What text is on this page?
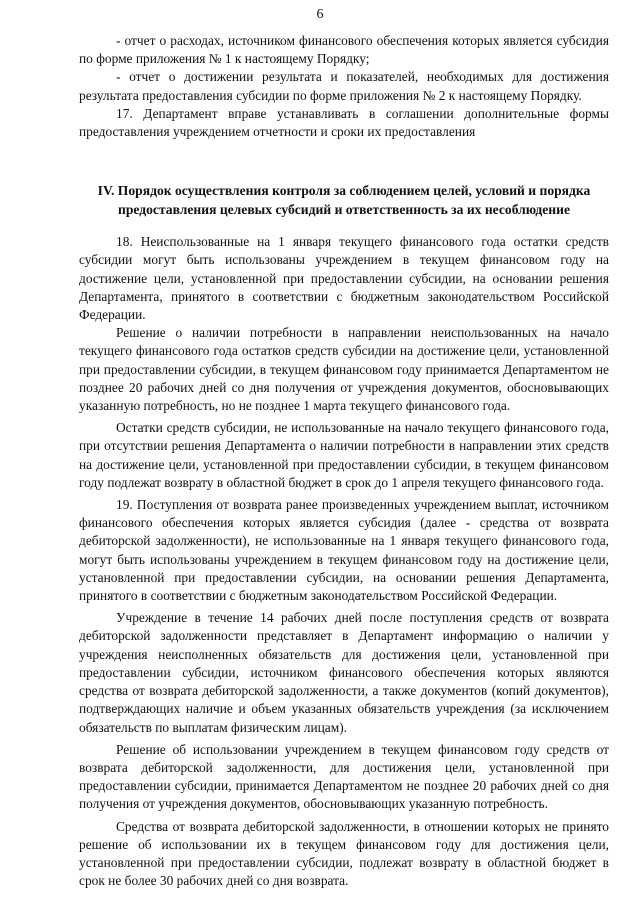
6

- отчет о расходах, источником финансового обеспечения которых является субсидия по форме приложения № 1 к настоящему Порядку;

- отчет о достижении результата и показателей, необходимых для достижения результата предоставления субсидии по форме приложения № 2 к настоящему Порядку.

17. Департамент вправе устанавливать в соглашении дополнительные формы предоставления учреждением отчетности и сроки их предоставления

IV. Порядок осуществления контроля за соблюдением целей, условий и порядка предоставления целевых субсидий и ответственность за их несоблюдение

18. Неиспользованные на 1 января текущего финансового года остатки средств субсидии могут быть использованы учреждением в текущем финансовом году на достижение цели, установленной при предоставлении субсидии, на основании решения Департамента, принятого в соответствии с бюджетным законодательством Российской Федерации.

Решение о наличии потребности в направлении неиспользованных на начало текущего финансового года остатков средств субсидии на достижение цели, установленной при предоставлении субсидии, в текущем финансовом году принимается Департаментом не позднее 20 рабочих дней со дня получения от учреждения документов, обосновывающих указанную потребность, но не позднее 1 марта текущего финансового года.

Остатки средств субсидии, не использованные на начало текущего финансового года, при отсутствии решения Департамента о наличии потребности в направлении этих средств на достижение цели, установленной при предоставлении субсидии, в текущем финансовом году подлежат возврату в областной бюджет в срок до 1 апреля текущего финансового года.

19. Поступления от возврата ранее произведенных учреждением выплат, источником финансового обеспечения которых является субсидия (далее - средства от возврата дебиторской задолженности), не использованные на 1 января текущего финансового года, могут быть использованы учреждением в текущем финансовом году на достижение цели, установленной при предоставлении субсидии, на основании решения Департамента, принятого в соответствии с бюджетным законодательством Российской Федерации.

Учреждение в течение 14 рабочих дней после поступления средств от возврата дебиторской задолженности представляет в Департамент информацию о наличии у учреждения неисполненных обязательств для достижения цели, установленной при предоставлении субсидии, источником финансового обеспечения которых являются средства от возврата дебиторской задолженности, а также документов (копий документов), подтверждающих наличие и объем указанных обязательств учреждения (за исключением обязательств по выплатам физическим лицам).

Решение об использовании учреждением в текущем финансовом году средств от возврата дебиторской задолженности, для достижения цели, установленной при предоставлении субсидии, принимается Департаментом не позднее 20 рабочих дней со дня получения от учреждения документов, обосновывающих указанную потребность.

Средства от возврата дебиторской задолженности, в отношении которых не принято решение об использовании их в текущем финансовом году для достижения цели, установленной при предоставлении субсидии, подлежат возврату в областной бюджет в срок не более 30 рабочих дней со дня возврата.
